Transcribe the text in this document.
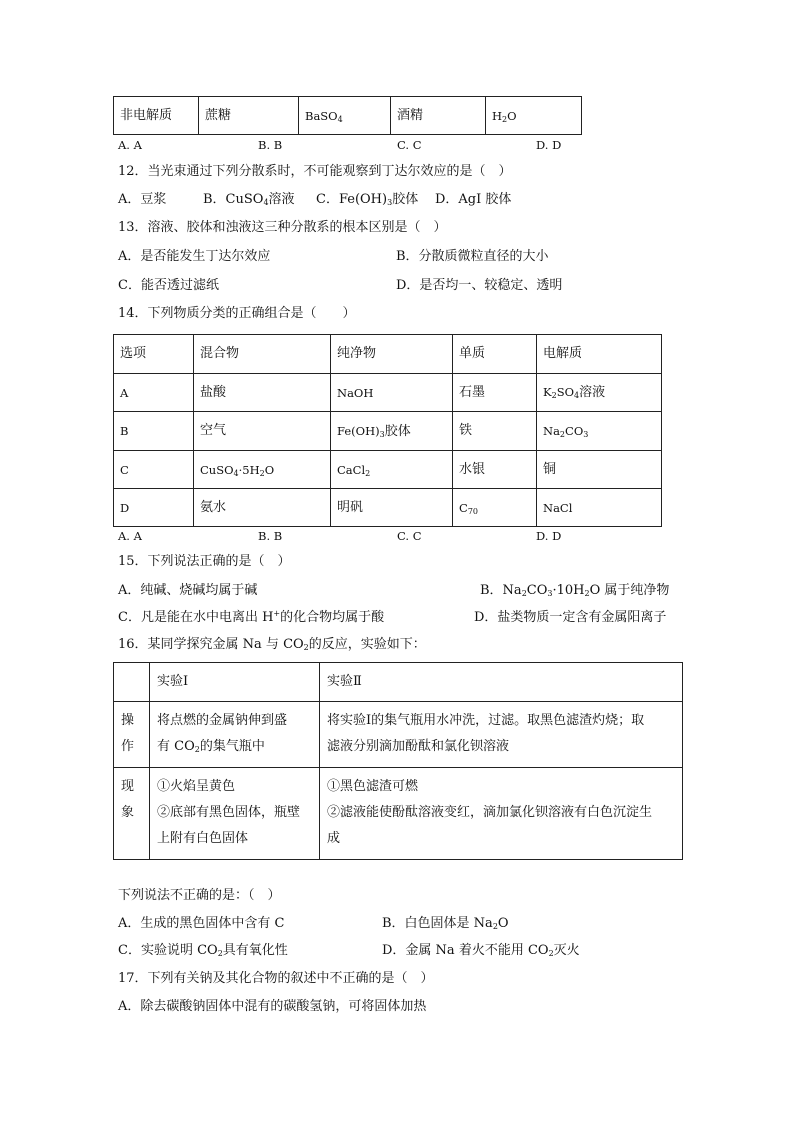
非电解质	蔗糖	BaSO$_4$	酒精	$H_2O$
A. A	B. B	C. C	D. D
12．当光束通过下列分散系时，不可能观察到丁达尔效应的是（　）
A．豆浆	B．CuSO$_4$溶液 C．$Fe(OH)_3$胶体 D．AgI 胶体
13．溶液、胶体和浊液这三种分散系的根本区别是（　）
A．是否能发生丁达尔效应	B．分散质微粒直径的大小
C．能否透过滤纸	D．是否均一、较稳定、透明
14．下列物质分类的正确组合是（　　）
选项	混合物	纯净物	单质	电解质
A	盐酸	NaOH	石墨	$K_2SO_4$溶液
B	空气	$Fe(OH)_3$胶体	铁	$Na_2CO_3$
C	$CuSO_4\cdot 5H_2O$	CaCl$_2$	水银	铜
D	氨水	明矾	$C_{70}$	NaCl
A. A	B. B	C. C	D. D
15．下列说法正确的是（　）
A．纯碱、烧碱均属于碱	B．$Na_2CO_3\cdot 10H_2O$ 属于纯净物
C．凡是能在水中电离出 H+的化合物均属于酸	D．盐类物质一定含有金属阳离子
16．某同学探究金属 Na 与 $CO_2$的反应，实验如下：
	实验Ⅰ	实验Ⅱ

操
作	将点燃的金属钠伸到盛
有 $CO_2$的集气瓶中	将实验Ⅰ的集气瓶用水冲洗，过滤。取黑色滤渣灼烧；取
滤液分别滴加酚酞和氯化钡溶液

现
象	①火焰呈黄色
②底部有黑色固体，瓶壁
上附有白色固体	①黑色滤渣可燃
②滤液能使酚酞溶液变红，滴加氯化钡溶液有白色沉淀生
成
下列说法不正确的是：（　）
A．生成的黑色固体中含有 C	B．白色固体是 $Na_2O$
C．实验说明 $CO_2$具有氧化性	D．金属 Na 着火不能用 $CO_2$灭火
17．下列有关钠及其化合物的叙述中不正确的是（　）
A．除去碳酸钠固体中混有的碳酸氢钠，可将固体加热
